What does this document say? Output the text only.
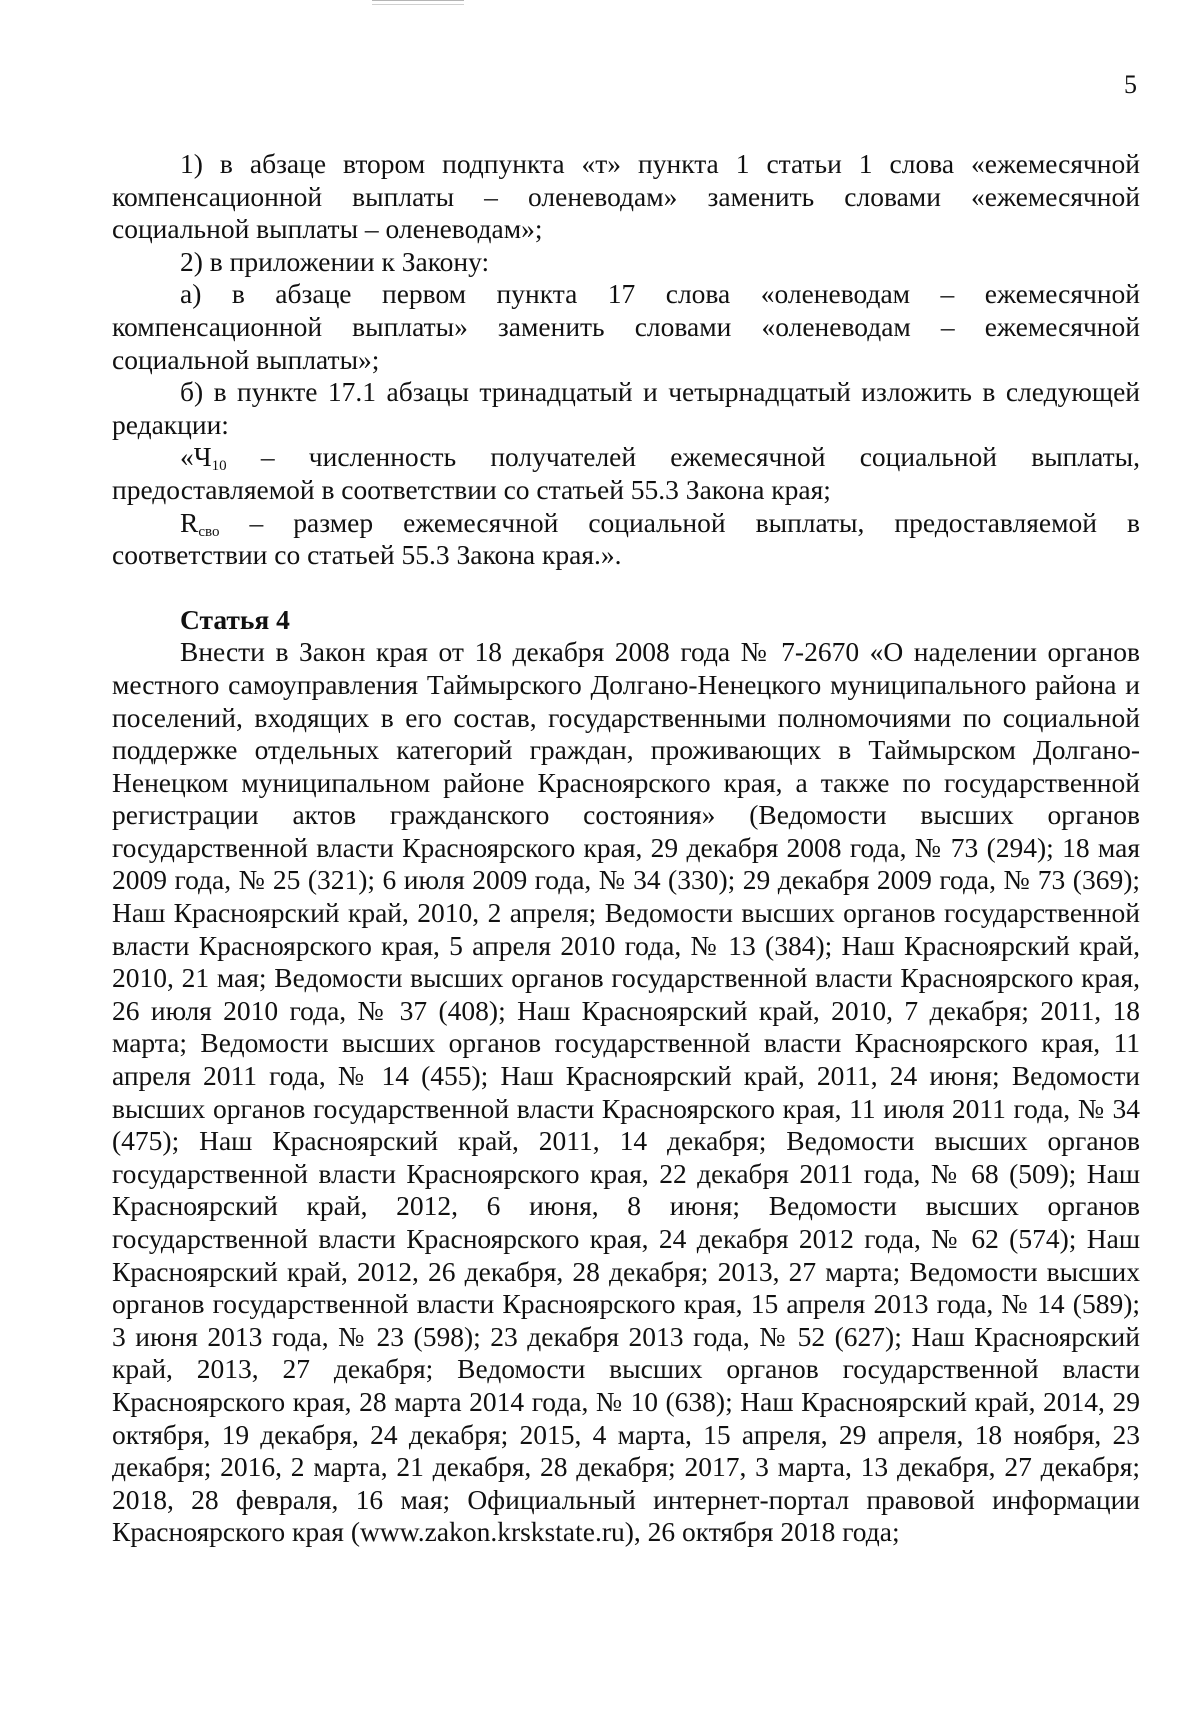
5

1) в абзаце втором подпункта «т» пункта 1 статьи 1 слова «ежемесячной компенсационной выплаты – оленеводам» заменить словами «ежемесячной социальной выплаты – оленеводам»;

2) в приложении к Закону:

а) в абзаце первом пункта 17 слова «оленеводам – ежемесячной компенсационной выплаты» заменить словами «оленеводам – ежемесячной социальной выплаты»;

б) в пункте 17.1 абзацы тринадцатый и четырнадцатый изложить в следующей редакции:

«$Ч_{10}$ – численность получателей ежемесячной социальной выплаты, предоставляемой в соответствии со статьей 55.3 Закона края;

$R_{сво}$ – размер ежемесячной социальной выплаты, предоставляемой в соответствии со статьей 55.3 Закона края.».

Статья 4

Внести в Закон края от 18 декабря 2008 года № 7-2670 «О наделении органов местного самоуправления Таймырского Долгано-Ненецкого муниципального района и поселений, входящих в его состав, государственными полномочиями по социальной поддержке отдельных категорий граждан, проживающих в Таймырском Долгано-Ненецком муниципальном районе Красноярского края, а также по государственной регистрации актов гражданского состояния» (Ведомости высших органов государственной власти Красноярского края, 29 декабря 2008 года, № 73 (294); 18 мая 2009 года, № 25 (321); 6 июля 2009 года, № 34 (330); 29 декабря 2009 года, № 73 (369); Наш Красноярский край, 2010, 2 апреля; Ведомости высших органов государственной власти Красноярского края, 5 апреля 2010 года, № 13 (384); Наш Красноярский край, 2010, 21 мая; Ведомости высших органов государственной власти Красноярского края, 26 июля 2010 года, № 37 (408); Наш Красноярский край, 2010, 7 декабря; 2011, 18 марта; Ведомости высших органов государственной власти Красноярского края, 11 апреля 2011 года, № 14 (455); Наш Красноярский край, 2011, 24 июня; Ведомости высших органов государственной власти Красноярского края, 11 июля 2011 года, № 34 (475); Наш Красноярский край, 2011, 14 декабря; Ведомости высших органов государственной власти Красноярского края, 22 декабря 2011 года, № 68 (509); Наш Красноярский край, 2012, 6 июня, 8 июня; Ведомости высших органов государственной власти Красноярского края, 24 декабря 2012 года, № 62 (574); Наш Красноярский край, 2012, 26 декабря, 28 декабря; 2013, 27 марта; Ведомости высших органов государственной власти Красноярского края, 15 апреля 2013 года, № 14 (589); 3 июня 2013 года, № 23 (598); 23 декабря 2013 года, № 52 (627); Наш Красноярский край, 2013, 27 декабря; Ведомости высших органов государственной власти Красноярского края, 28 марта 2014 года, № 10 (638); Наш Красноярский край, 2014, 29 октября, 19 декабря, 24 декабря; 2015, 4 марта, 15 апреля, 29 апреля, 18 ноября, 23 декабря; 2016, 2 марта, 21 декабря, 28 декабря; 2017, 3 марта, 13 декабря, 27 декабря; 2018, 28 февраля, 16 мая; Официальный интернет-портал правовой информации Красноярского края (www.zakon.krskstate.ru), 26 октября 2018 года;
